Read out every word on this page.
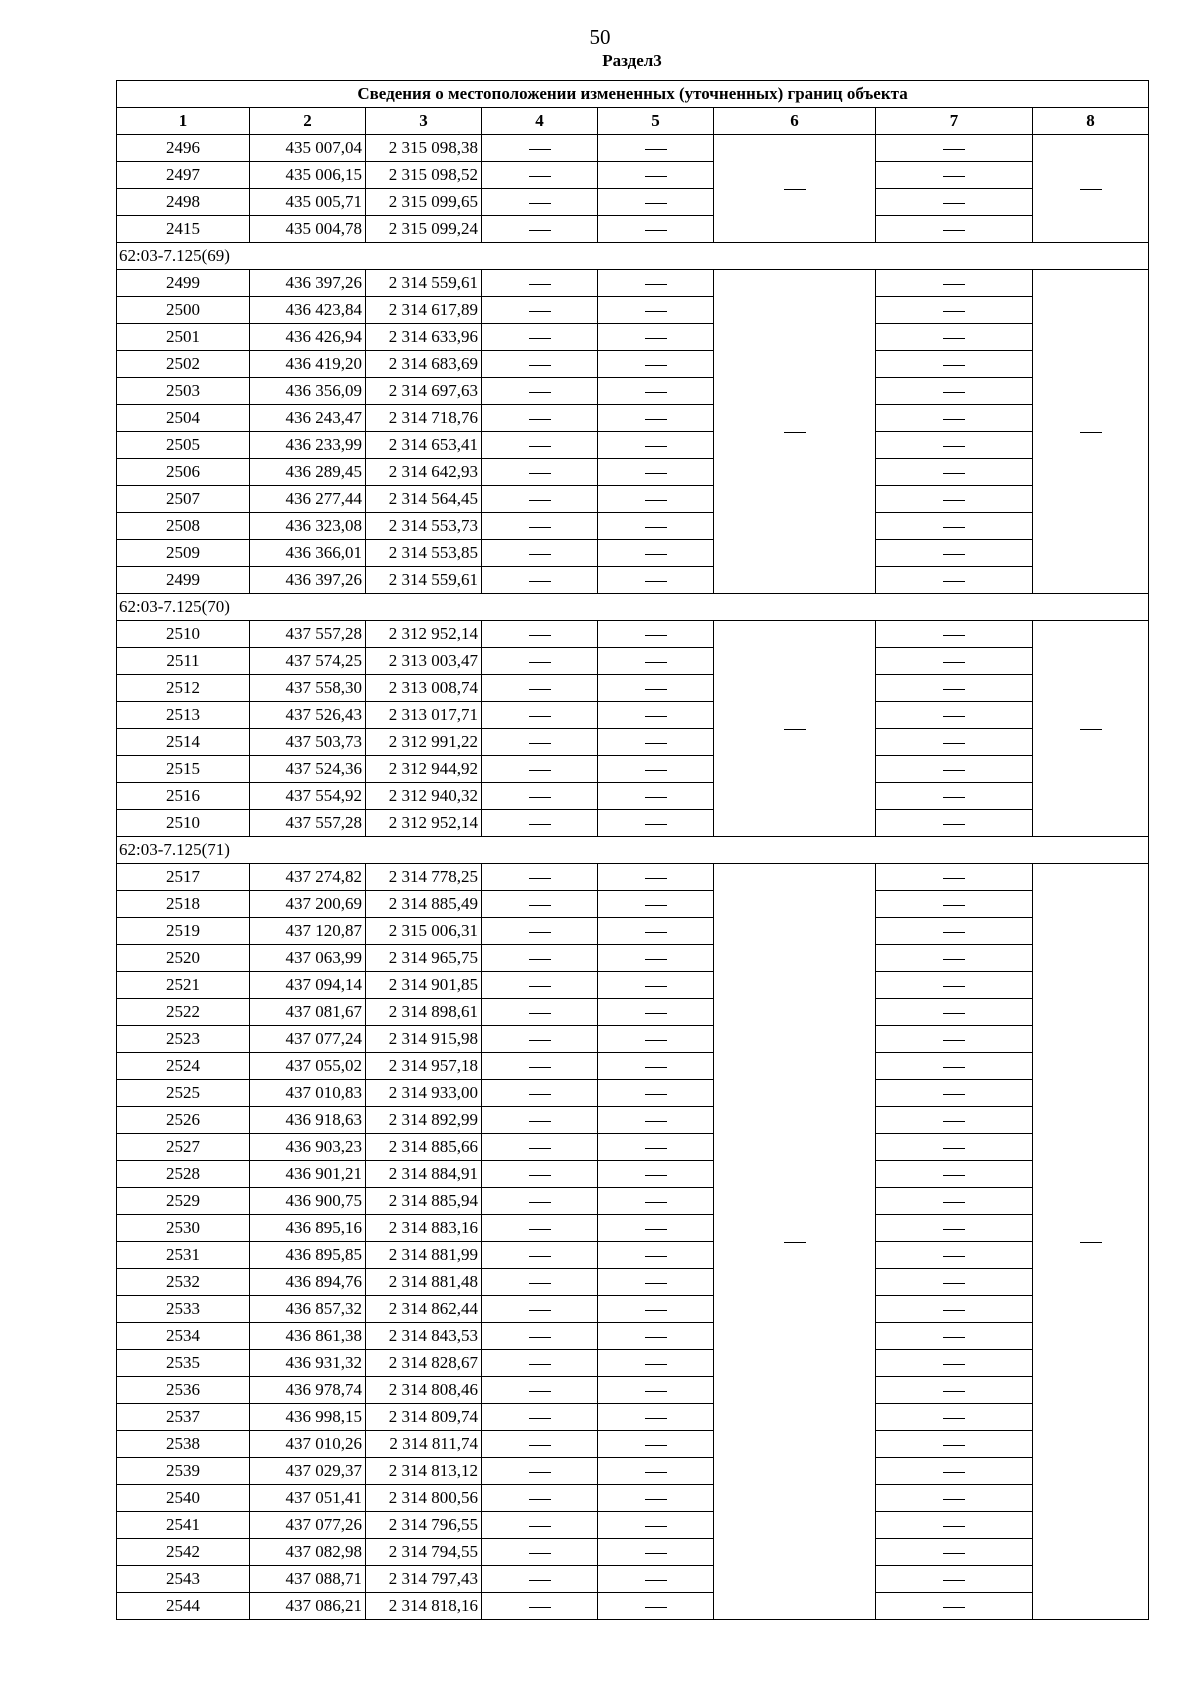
50
Раздел3
Сведения о местоположении измененных (уточненных) границ объекта							
1	2	3	4	5	6	7	8
2496	435 007,04	2 315 098,38					
2497	435 006,15	2 315 098,52					
2498	435 005,71	2 315 099,65					
2415	435 004,78	2 315 099,24					
62:03-7.125(69)							
2499	436 397,26	2 314 559,61					
2500	436 423,84	2 314 617,89					
2501	436 426,94	2 314 633,96					
2502	436 419,20	2 314 683,69					
2503	436 356,09	2 314 697,63					
2504	436 243,47	2 314 718,76					
2505	436 233,99	2 314 653,41					
2506	436 289,45	2 314 642,93					
2507	436 277,44	2 314 564,45					
2508	436 323,08	2 314 553,73					
2509	436 366,01	2 314 553,85					
2499	436 397,26	2 314 559,61					
62:03-7.125(70)							
2510	437 557,28	2 312 952,14					
2511	437 574,25	2 313 003,47					
2512	437 558,30	2 313 008,74					
2513	437 526,43	2 313 017,71					
2514	437 503,73	2 312 991,22					
2515	437 524,36	2 312 944,92					
2516	437 554,92	2 312 940,32					
2510	437 557,28	2 312 952,14					
62:03-7.125(71)							
2517	437 274,82	2 314 778,25					
2518	437 200,69	2 314 885,49					
2519	437 120,87	2 315 006,31					
2520	437 063,99	2 314 965,75					
2521	437 094,14	2 314 901,85					
2522	437 081,67	2 314 898,61					
2523	437 077,24	2 314 915,98					
2524	437 055,02	2 314 957,18					
2525	437 010,83	2 314 933,00					
2526	436 918,63	2 314 892,99					
2527	436 903,23	2 314 885,66					
2528	436 901,21	2 314 884,91					
2529	436 900,75	2 314 885,94					
2530	436 895,16	2 314 883,16					
2531	436 895,85	2 314 881,99					
2532	436 894,76	2 314 881,48					
2533	436 857,32	2 314 862,44					
2534	436 861,38	2 314 843,53					
2535	436 931,32	2 314 828,67					
2536	436 978,74	2 314 808,46					
2537	436 998,15	2 314 809,74					
2538	437 010,26	2 314 811,74					
2539	437 029,37	2 314 813,12					
2540	437 051,41	2 314 800,56					
2541	437 077,26	2 314 796,55					
2542	437 082,98	2 314 794,55					
2543	437 088,71	2 314 797,43					
2544	437 086,21	2 314 818,16					
